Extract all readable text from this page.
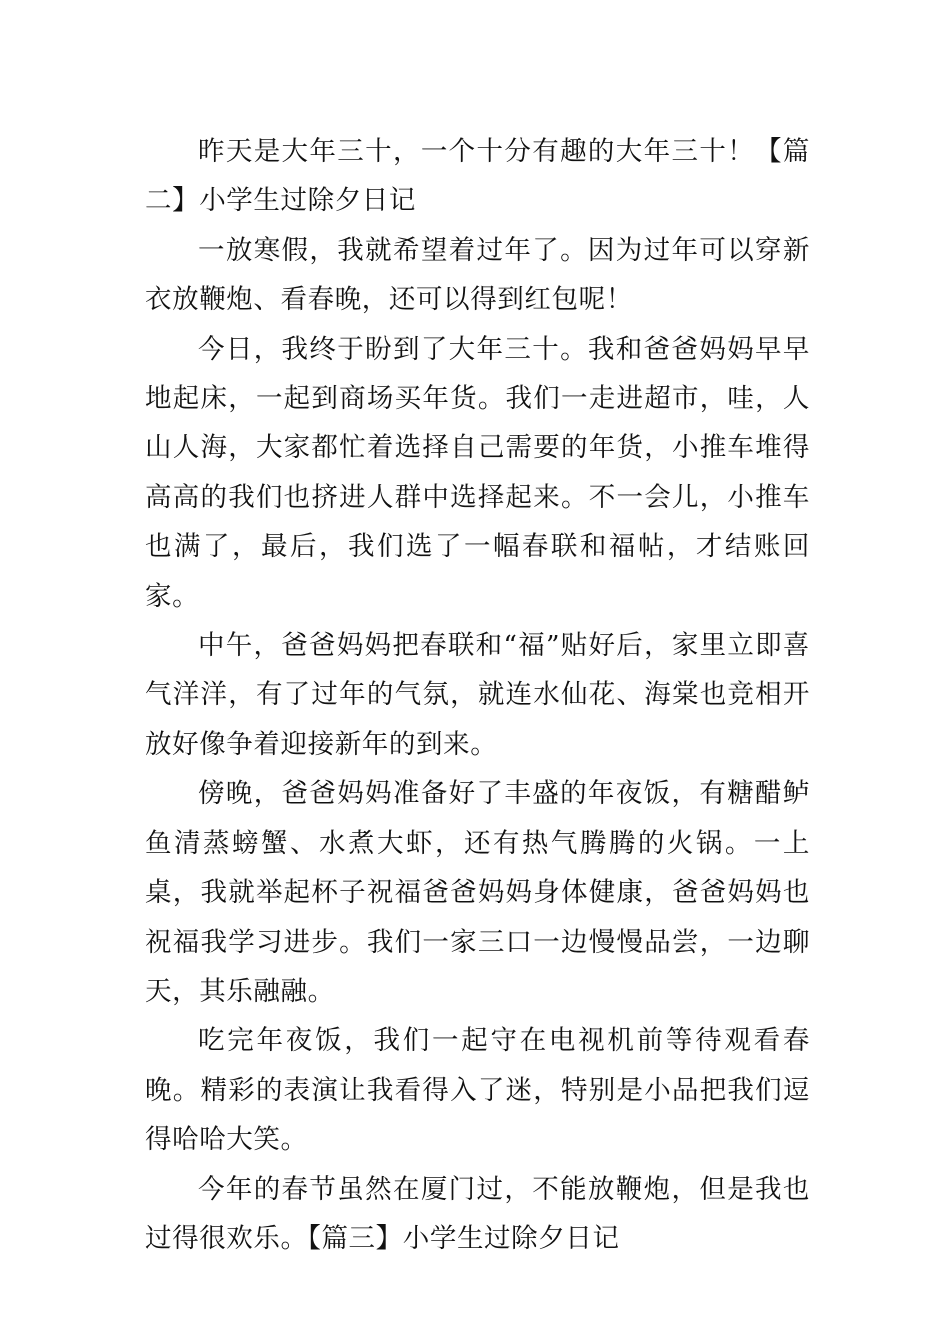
昨天是大年三十，一个十分有趣的大年三十！【篇二】小学生过除夕日记

一放寒假，我就希望着过年了。因为过年可以穿新衣放鞭炮、看春晚，还可以得到红包呢！

今日，我终于盼到了大年三十。我和爸爸妈妈早早地起床，一起到商场买年货。我们一走进超市，哇，人山人海，大家都忙着选择自己需要的年货，小推车堆得高高的我们也挤进人群中选择起来。不一会儿，小推车也满了，最后，我们选了一幅春联和福帖，才结账回家。

中午，爸爸妈妈把春联和“福”贴好后，家里立即喜气洋洋，有了过年的气氛，就连水仙花、海棠也竞相开放好像争着迎接新年的到来。

傍晚，爸爸妈妈准备好了丰盛的年夜饭，有糖醋鲈鱼清蒸螃蟹、水煮大虾，还有热气腾腾的火锅。一上桌，我就举起杯子祝福爸爸妈妈身体健康，爸爸妈妈也祝福我学习进步。我们一家三口一边慢慢品尝，一边聊天，其乐融融。

吃完年夜饭，我们一起守在电视机前等待观看春晚。精彩的表演让我看得入了迷，特别是小品把我们逗得哈哈大笑。

今年的春节虽然在厦门过，不能放鞭炮，但是我也过得很欢乐。【篇三】小学生过除夕日记
